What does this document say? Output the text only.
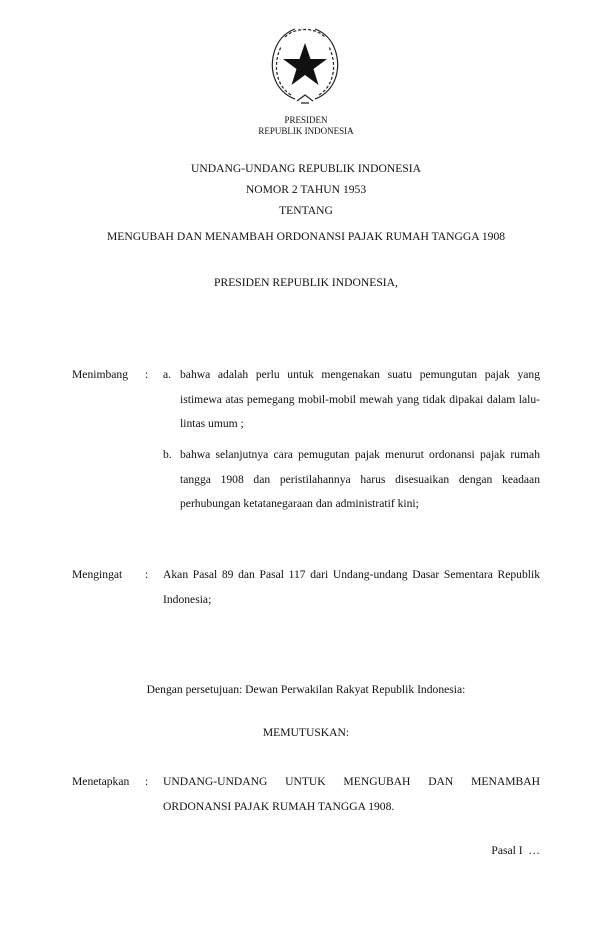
PRESIDEN
REPUBLIK INDONESIA
UNDANG-UNDANG REPUBLIK INDONESIA
NOMOR 2 TAHUN 1953
TENTANG
MENGUBAH DAN MENAMBAH ORDONANSI PAJAK RUMAH TANGGA 1908
PRESIDEN REPUBLIK INDONESIA,
Menimbang : a. bahwa adalah perlu untuk mengenakan suatu pemungutan pajak yang istimewa atas pemegang mobil-mobil mewah yang tidak dipakai dalam lalu-lintas umum ;
b. bahwa selanjutnya cara pemugutan pajak menurut ordonansi pajak rumah tangga 1908 dan peristilahannya harus disesuaikan dengan keadaan perhubungan ketatanegaraan dan administratif kini;
Mengingat : Akan Pasal 89 dan Pasal 117 dari Undang-undang Dasar Sementara Republik Indonesia;
Dengan persetujuan: Dewan Perwakilan Rakyat Republik Indonesia:
MEMUTUSKAN:
Menetapkan : UNDANG-UNDANG UNTUK MENGUBAH DAN MENAMBAH ORDONANSI PAJAK RUMAH TANGGA 1908.
Pasal I  …
